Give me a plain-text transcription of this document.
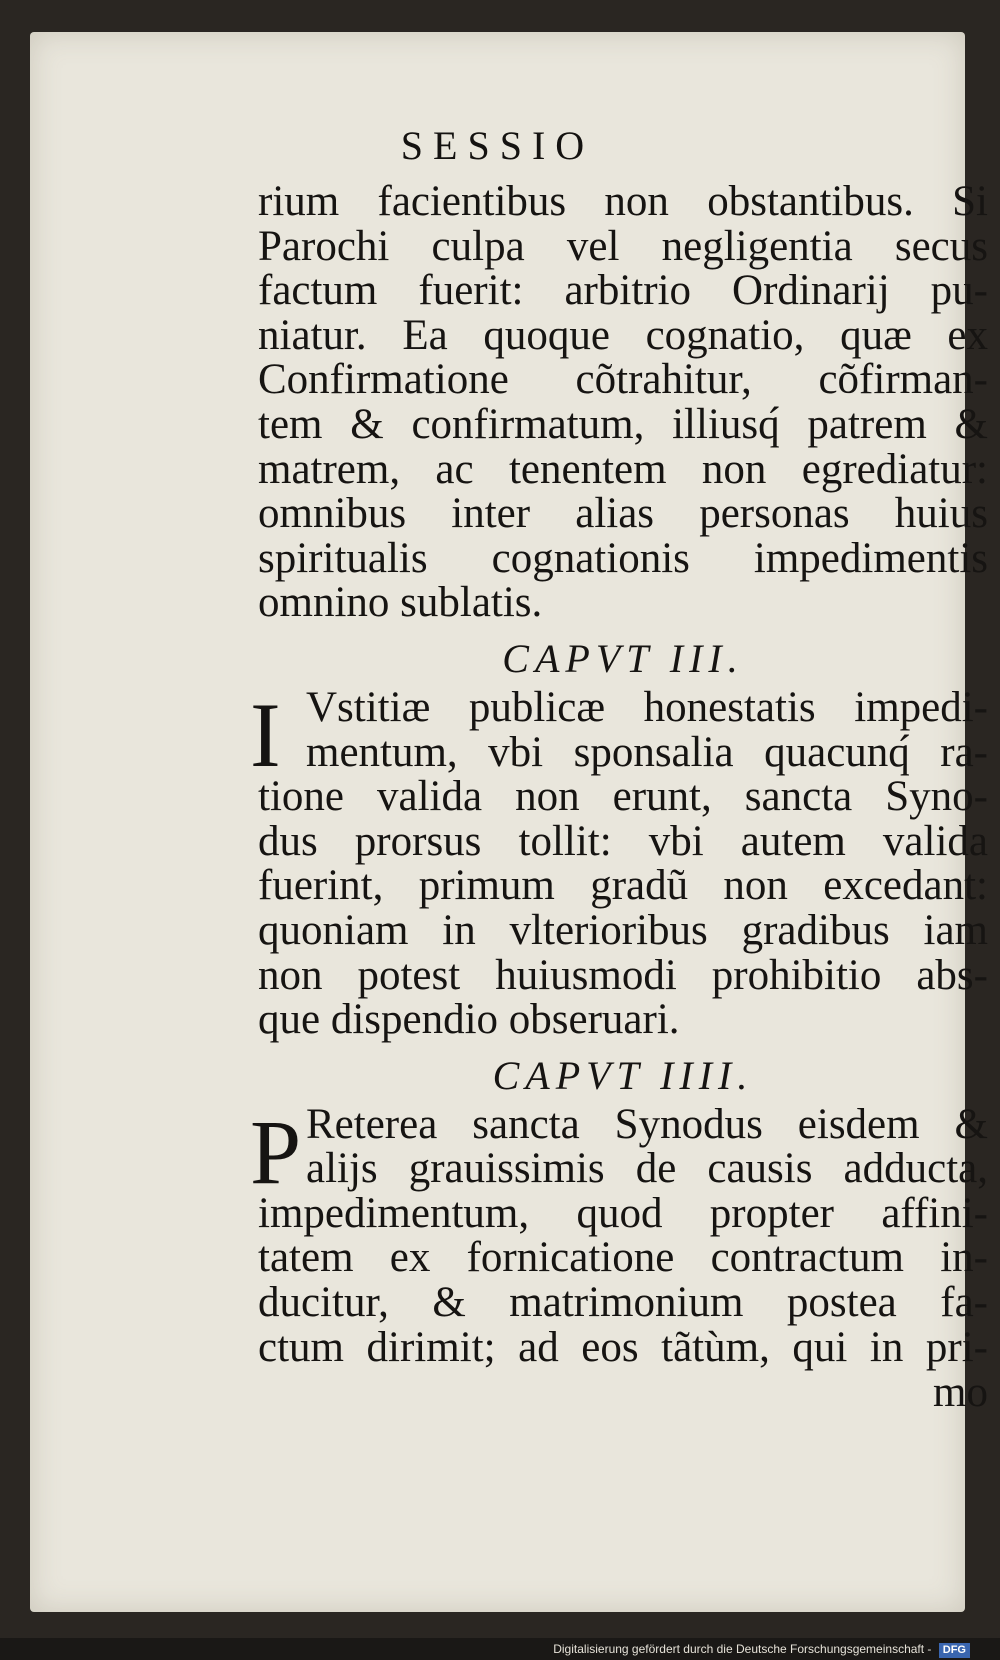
SESSIO
rium facientibus non obstantibus. Si
Parochi culpa vel negligentia secus
factum fuerit: arbitrio Ordinarij pu-
niatur. Ea quoque cognatio, quæ ex
Confirmatione cõtrahitur, cõfirman-
tem & confirmatum, illiusq́ patrem &
matrem, ac tenentem non egrediatur:
omnibus inter alias personas huius
spiritualis cognationis impedimentis
omnino sublatis.
CAPVT III.
I Vstitiæ publicæ honestatis impedi-
mentum, vbi sponsalia quacunq́ ra-
tione valida non erunt, sancta Syno-
dus prorsus tollit: vbi autem valida
fuerint, primum gradũ non excedant:
quoniam in vlterioribus gradibus iam
non potest huiusmodi prohibitio abs-
que dispendio obseruari.
CAPVT IIII.
P Reterea sancta Synodus eisdem &
alijs grauissimis de causis adducta,
impedimentum, quod propter affini-
tatem ex fornicatione contractum in-
ducitur, & matrimonium postea fa-
ctum dirimit; ad eos tãtùm, qui in pri-
mo
Digitalisierung gefördert durch die Deutsche Forschungsgemeinschaft - DFG
